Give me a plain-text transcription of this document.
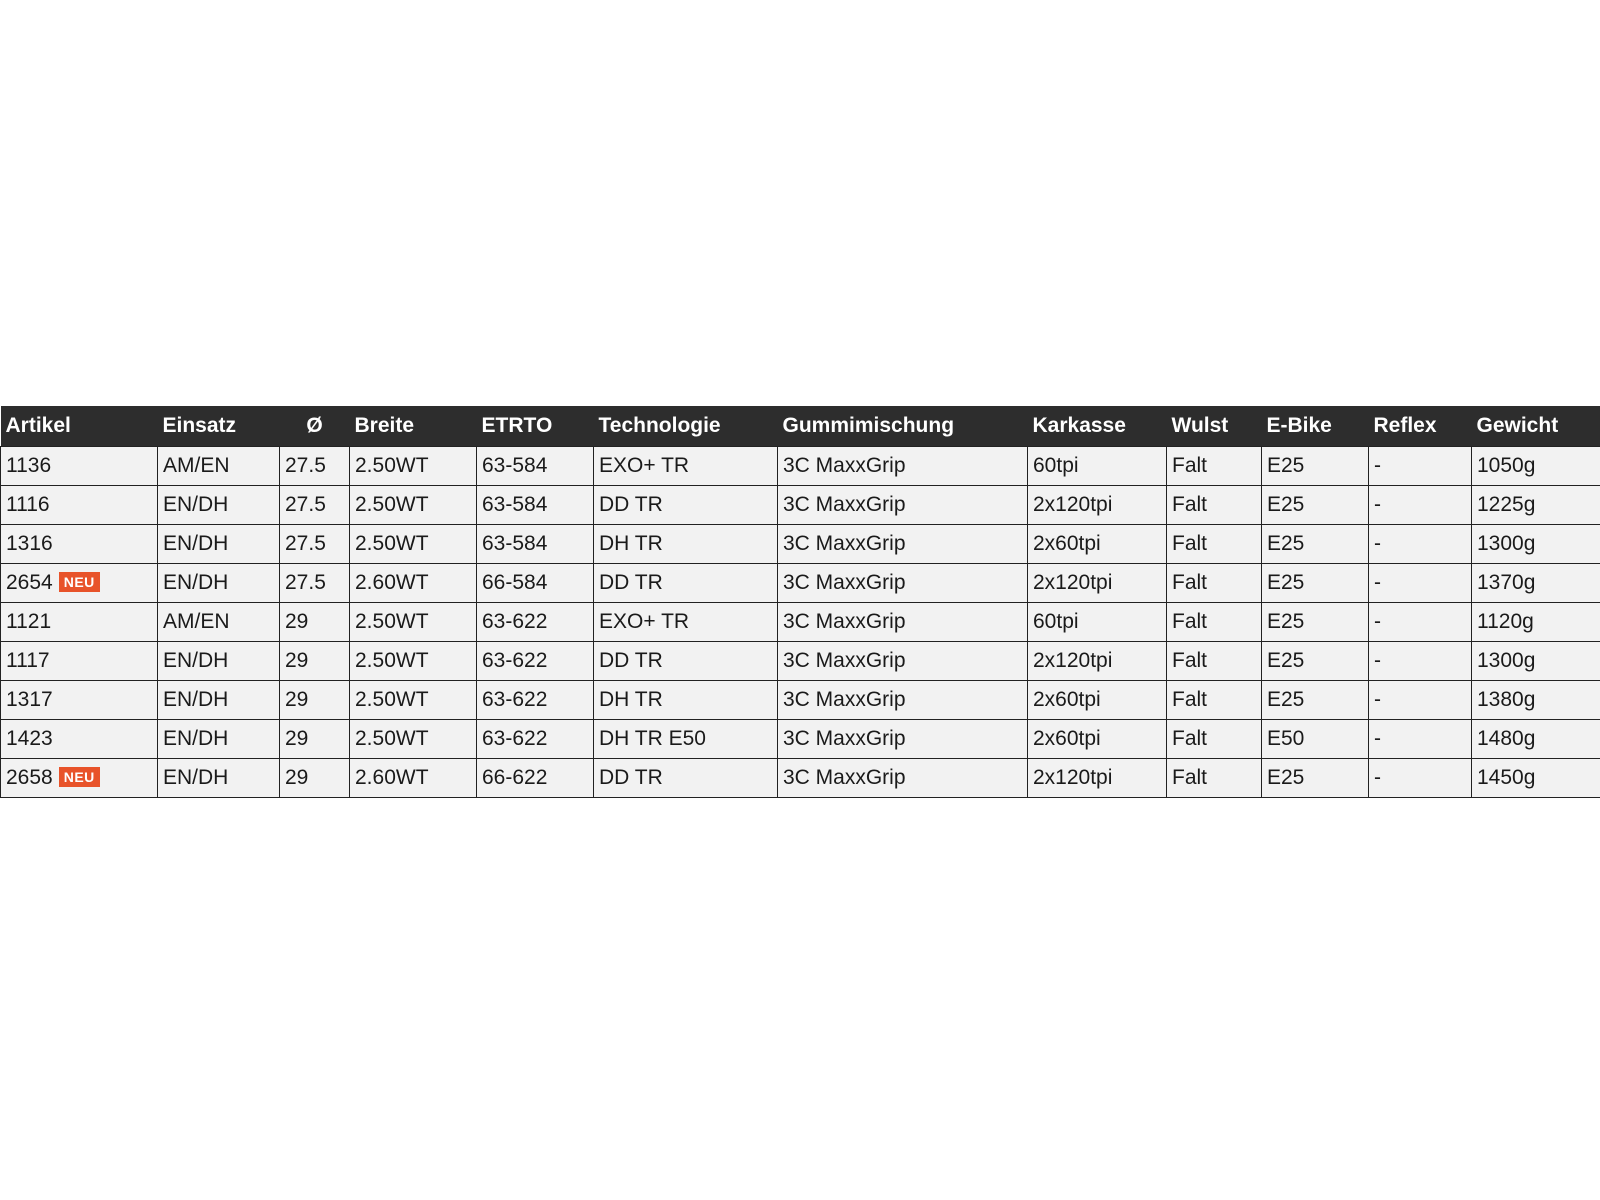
Artikel	Einsatz	Ø	Breite	ETRTO	Technologie	Gummimischung	Karkasse	Wulst	E-Bike	Reflex	Gewicht
1136	AM/EN	27.5	2.50WT	63-584	EXO+ TR	3C MaxxGrip	60tpi	Falt	E25	-	1050g
1116	EN/DH	27.5	2.50WT	63-584	DD TR	3C MaxxGrip	2x120tpi	Falt	E25	-	1225g
1316	EN/DH	27.5	2.50WT	63-584	DH TR	3C MaxxGrip	2x60tpi	Falt	E25	-	1300g
2654 NEU	EN/DH	27.5	2.60WT	66-584	DD TR	3C MaxxGrip	2x120tpi	Falt	E25	-	1370g
1121	AM/EN	29	2.50WT	63-622	EXO+ TR	3C MaxxGrip	60tpi	Falt	E25	-	1120g
1117	EN/DH	29	2.50WT	63-622	DD TR	3C MaxxGrip	2x120tpi	Falt	E25	-	1300g
1317	EN/DH	29	2.50WT	63-622	DH TR	3C MaxxGrip	2x60tpi	Falt	E25	-	1380g
1423	EN/DH	29	2.50WT	63-622	DH TR E50	3C MaxxGrip	2x60tpi	Falt	E50	-	1480g
2658 NEU	EN/DH	29	2.60WT	66-622	DD TR	3C MaxxGrip	2x120tpi	Falt	E25	-	1450g
